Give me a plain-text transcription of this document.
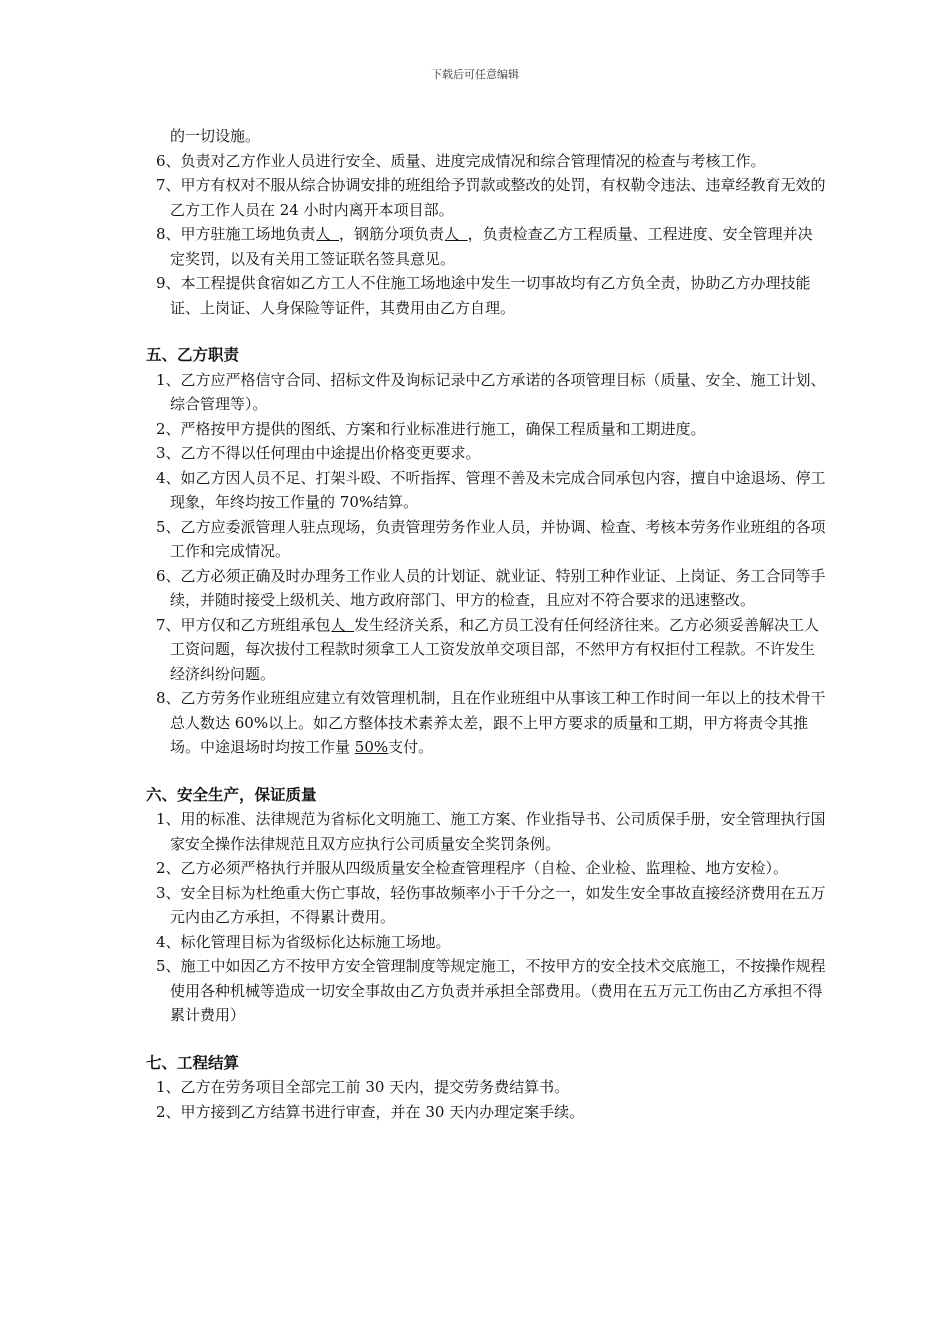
下载后可任意编辑

的一切设施。

6、负责对乙方作业人员进行安全、质量、进度完成情况和综合管理情况的检查与考核工作。

7、甲方有权对不服从综合协调安排的班组给予罚款或整改的处罚，有权勒令违法、违章经教育无效的乙方工作人员在 24 小时内离开本项目部。

8、甲方驻施工场地负责人   ，钢筋分项负责人   ，负责检查乙方工程质量、工程进度、安全管理并决定奖罚，以及有关用工签证联名签具意见。

9、本工程提供食宿如乙方工人不住施工场地途中发生一切事故均有乙方负全责，协助乙方办理技能证、上岗证、人身保险等证件，其费用由乙方自理。

五、乙方职责

1、乙方应严格信守合同、招标文件及询标记录中乙方承诺的各项管理目标（质量、安全、施工计划、综合管理等）。

2、严格按甲方提供的图纸、方案和行业标准进行施工，确保工程质量和工期进度。

3、乙方不得以任何理由中途提出价格变更要求。

4、如乙方因人员不足、打架斗殴、不听指挥、管理不善及未完成合同承包内容，擅自中途退场、停工现象，年终均按工作量的 70%结算。

5、乙方应委派管理人驻点现场，负责管理劳务作业人员，并协调、检查、考核本劳务作业班组的各项工作和完成情况。

6、乙方必须正确及时办理务工作业人员的计划证、就业证、特别工种作业证、上岗证、务工合同等手续，并随时接受上级机关、地方政府部门、甲方的检查，且应对不符合要求的迅速整改。

7、甲方仅和乙方班组承包人   发生经济关系，和乙方员工没有任何经济往来。乙方必须妥善解决工人工资问题，每次拔付工程款时须拿工人工资发放单交项目部，不然甲方有权拒付工程款。不许发生经济纠纷问题。

8、乙方劳务作业班组应建立有效管理机制，且在作业班组中从事该工种工作时间一年以上的技术骨干总人数达 60%以上。如乙方整体技术素养太差，跟不上甲方要求的质量和工期，甲方将责令其推场。中途退场时均按工作量 50%支付。

六、安全生产，保证质量

1、用的标准、法律规范为省标化文明施工、施工方案、作业指导书、公司质保手册，安全管理执行国家安全操作法律规范且双方应执行公司质量安全奖罚条例。

2、乙方必须严格执行并服从四级质量安全检查管理程序（自检、企业检、监理检、地方安检）。

3、安全目标为杜绝重大伤亡事故，轻伤事故频率小于千分之一，如发生安全事故直接经济费用在五万元内由乙方承担，不得累计费用。

4、标化管理目标为省级标化达标施工场地。

5、施工中如因乙方不按甲方安全管理制度等规定施工，不按甲方的安全技术交底施工，不按操作规程使用各种机械等造成一切安全事故由乙方负责并承担全部费用。（费用在五万元工伤由乙方承担不得累计费用）

七、工程结算

1、乙方在劳务项目全部完工前 30 天内，提交劳务费结算书。

2、甲方接到乙方结算书进行审查，并在 30 天内办理定案手续。
